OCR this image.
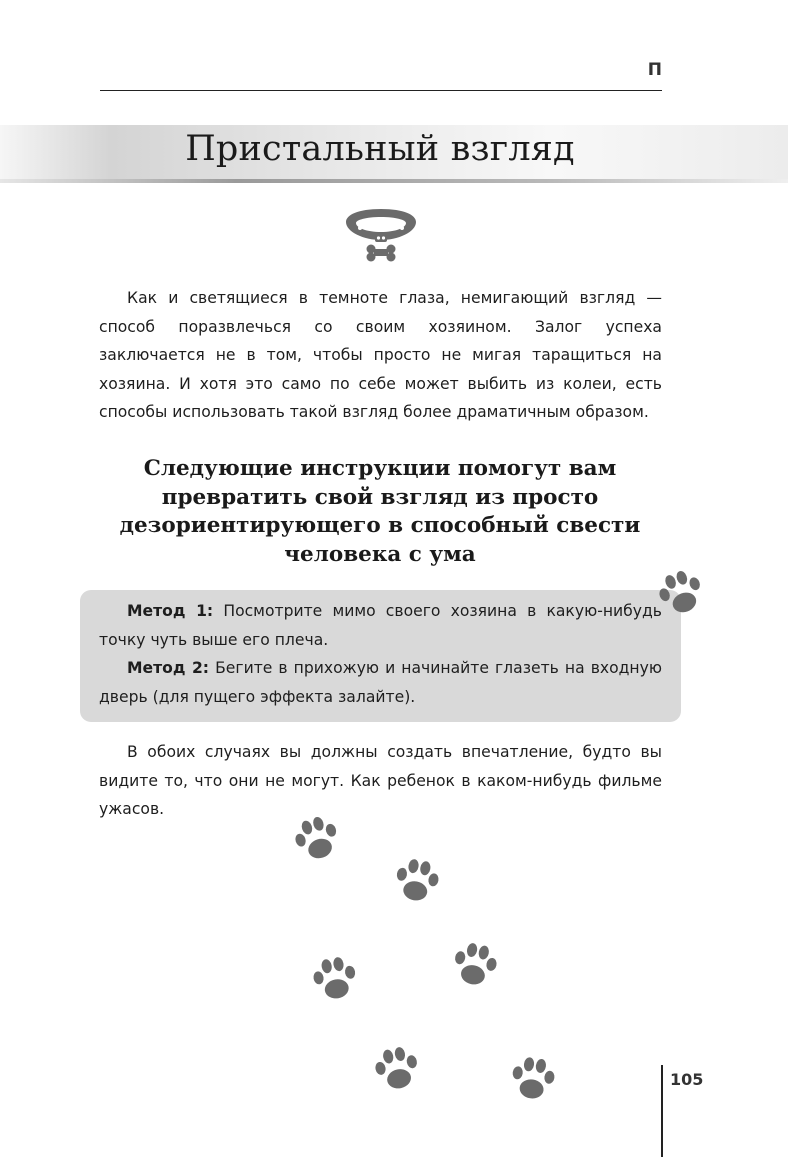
П
Пристальный взгляд

Как и светящиеся в темноте глаза, немигающий взгляд — способ поразвлечься со своим хозяином. Залог успеха заключается не в том, чтобы просто не мигая таращиться на хозяина. И хотя это само по себе может выбить из колеи, есть способы использовать такой взгляд более драматичным образом.

Следующие инструкции помогут вам превратить свой взгляд из просто дезориентирующего в способный свести человека с ума

Метод 1: Посмотрите мимо своего хозяина в какую-нибудь точку чуть выше его плеча.

Метод 2: Бегите в прихожую и начинайте глазеть на входную дверь (для пущего эффекта залайте).

В обоих случаях вы должны создать впечатление, будто вы видите то, что они не могут. Как ребенок в каком-нибудь фильме ужасов.

105
